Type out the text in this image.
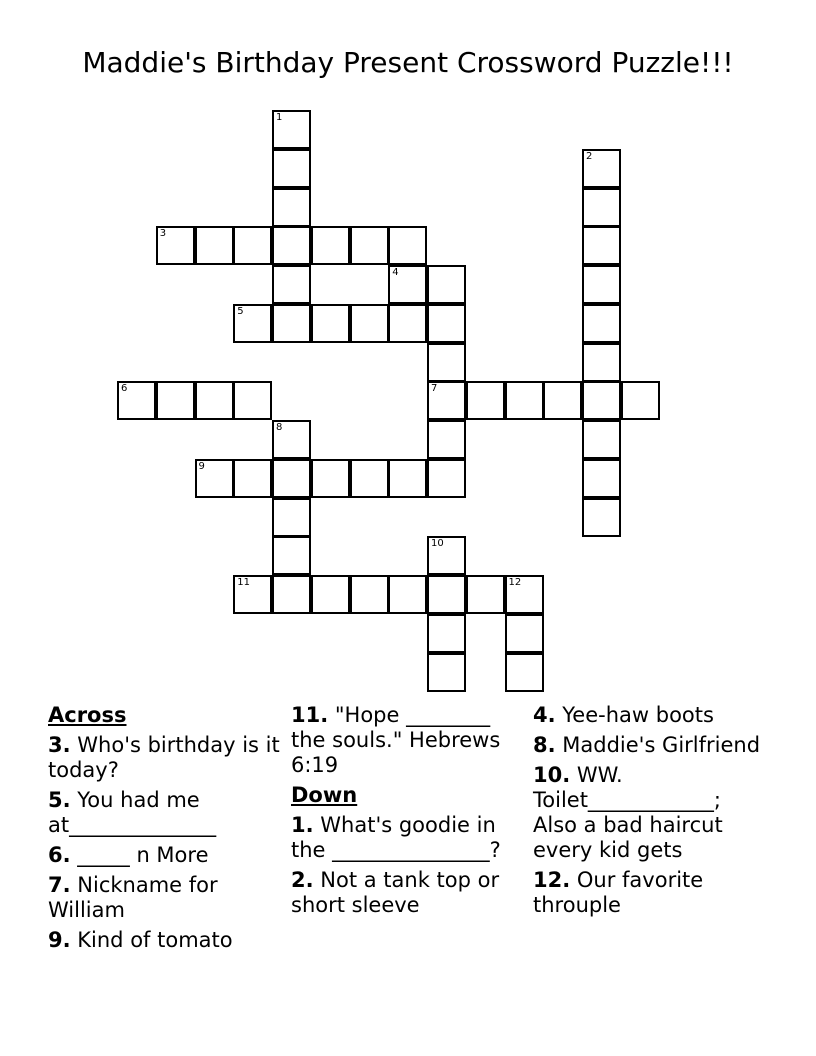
Maddie's Birthday Present Crossword Puzzle!!!
1
2
3
4
5
6	7
8
9
10
11	12
Across
3. Who's birthday is it today?
5. You had me at______________
6. _____ n More
7. Nickname for William
9. Kind of tomato
11. "Hope ________ the souls." Hebrews 6:19
Down
1. What's goodie in the _______________?
2. Not a tank top or short sleeve
4. Yee-haw boots
8. Maddie's Girlfriend
10. WW. Toilet____________; Also a bad haircut every kid gets
12. Our favorite throuple
